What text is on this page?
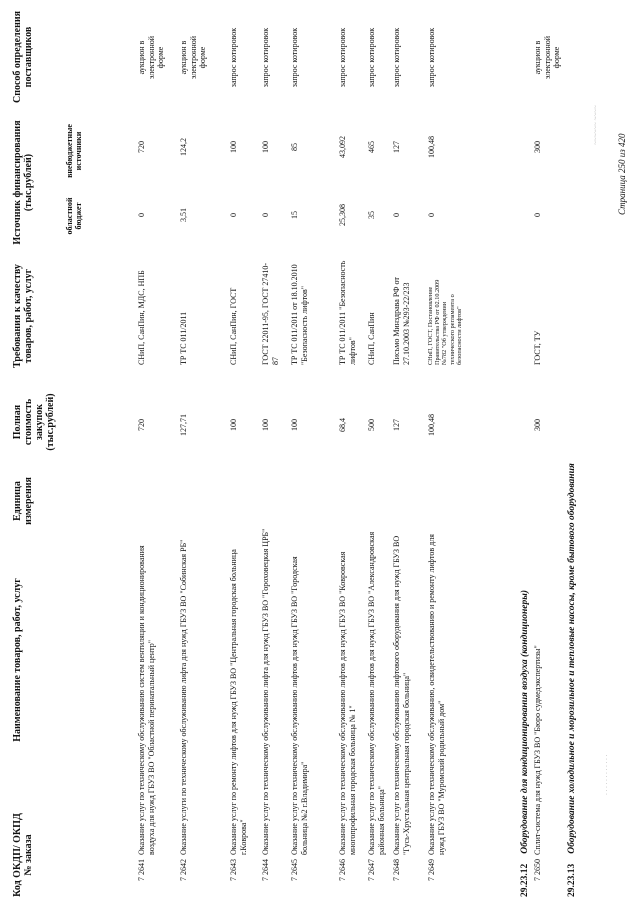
Код ОКДП/ ОКПД № заказа
Наименование товаров, работ, услуг
Единица измерения
Полная стоимость закупок (тыс.рублей)
Требования к качеству товаров, работ, услуг
Источник финансирования (тыс.рублей)
областной бюджет
внебюджетные источники
Способ определения поставщиков
7 2641
Оказание услуг по техническому обслуживанию систем вентиляции и кондиционирования воздуха для нужд ГБУЗ ВО "Областной перинатальный центр"
720
СНиП, СанПин, МДС, НПБ
0
720
аукцион в электронной форме
7 2642
Оказание услуги по техническому обслуживанию лифта для нужд ГБУЗ ВО "Собинская РБ"
127,71
ТР ТС 011/2011
3,51
124,2
аукцион в электронной форме
7 2643
Оказание услуг по ремонту лифтов для нужд ГБУЗ ВО "Центральная городская больница г.Коврова"
100
СНиП, СанПин, ГОСТ
0
100
запрос котировок
7 2644
Оказание услуг по техническому обслуживанию лифта для нужд ГБУЗ ВО "Гороховецкая ЦРБ"
100
ГОСТ 22011-95, ГОСТ 27410-87
0
100
запрос котировок
7 2645
Оказание услуг по техническому обслуживанию лифтов для нужд ГБУЗ ВО "Городская больница №2 г.Владимира"
100
ТР ТС 011/2011 от 18.10.2010 "Безопасность лифтов"
15
85
запрос котировок
7 2646
Оказание услуг по техническому обслуживанию лифтов для нужд ГБУЗ ВО "Ковровская многопрофильная городская больница № 1"
68,4
ТР ТС 011/2011 "Безопасность лифтов"
25,308
43,092
запрос котировок
7 2647
Оказание услуг по техническому обслуживанию лифтов для нужд ГБУЗ ВО "Александровская районная больница"
500
СНиП, СанПин
35
465
запрос котировок
7 2648
Оказание услуг по техническому обслуживанию лифтового оборудования для нужд ГБУЗ ВО "Гусь-Хрустальная центральная городская больница"
127
Письмо Минздрава РФ от 27.10.2003 №293-22/233
0
127
запрос котировок
7 2649
Оказание услуг по техническому обслуживанию, освидетельствованию и ремонту лифтов для нужд ГБУЗ ВО "Муромский родильный дом"
100,48
СНиП, ГОСТ, Постановление Правительства РФ от 02.10.2009 №782 "Об утверждении технического регламента о безопасности лифтов"
0
100,48
запрос котировок
29.23.12Оборудование для кондиционирования воздуха (кондиционеры)
7 2650
Сплит-система для нужд ГБУЗ ВО "Бюро судмедэкспертизы"
300
ГОСТ, ТУ
0
300
аукцион в электронной форме
29.23.13Оборудование холодильное и морозильное и тепловые насосы, кроме бытового оборудования
~~~~~~ ~~~~
· · · · · · · · · · · ·
Страница 250 из 420
